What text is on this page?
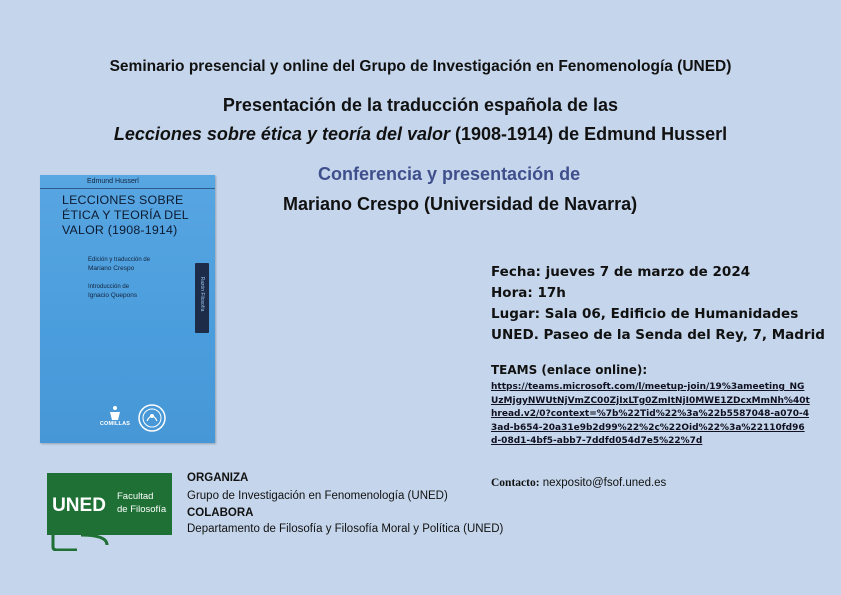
Seminario presencial y online del Grupo de Investigación en Fenomenología (UNED)
Presentación de la traducción española de las
Lecciones sobre ética y teoría del valor (1908-1914) de Edmund Husserl
Conferencia y presentación de
Mariano Crespo (Universidad de Navarra)
Edmund Husserl
LECCIONES SOBRE
ÉTICA Y TEORÍA DEL
VALOR (1908-1914)
Edición y traducción de
Mariano Crespo
Introducción de
Ignacio Quepons	Razón Filosofía
COMILLAS
Fecha: jueves 7 de marzo de 2024
Hora: 17h
Lugar: Sala 06, Edificio de Humanidades
UNED. Paseo de la Senda del Rey, 7, Madrid
TEAMS (enlace online):
https://teams.microsoft.com/l/meetup-join/19%3ameeting_NGUzMjgyNWUtNjVmZC00ZjIxLTg0ZmItNjI0MWE1ZDcxMmNh%40thread.v2/0?context=%7b%22Tid%22%3a%22b5587048-a070-43ad-b654-20a31e9b2d99%22%2c%22Oid%22%3a%22110fd96d-08d1-4bf5-abb7-7ddfd054d7e5%22%7d
Contacto: nexposito@fsof.uned.es
UNED Facultad
de Filosofía
ORGANIZA
Grupo de Investigación en Fenomenología (UNED)
COLABORA
Departamento de Filosofía y Filosofía Moral y Política (UNED)
